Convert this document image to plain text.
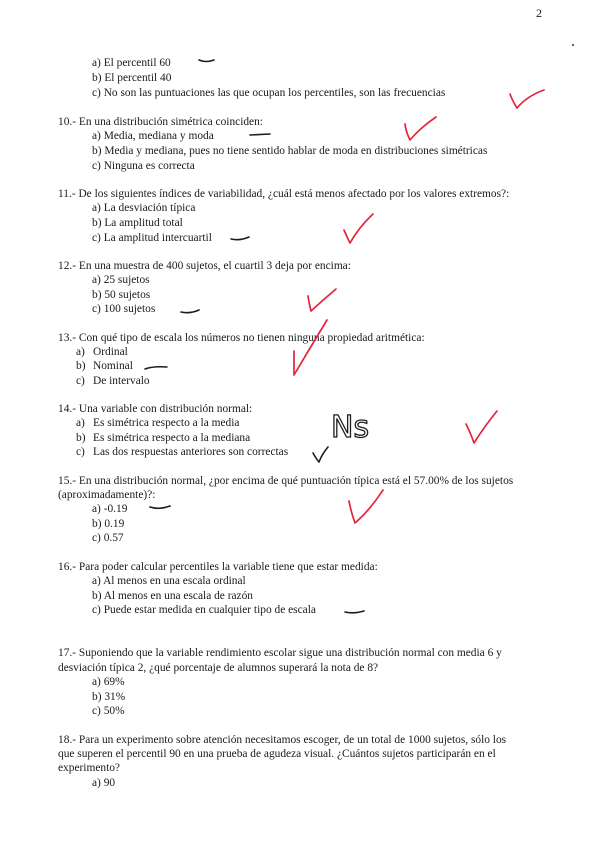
2
a) El percentil 60
b) El percentil 40
c) No son las puntuaciones las que ocupan los percentiles, son las frecuencias
10.- En una distribución simétrica coinciden:
a) Media, mediana y moda
b) Media y mediana, pues no tiene sentido hablar de moda en distribuciones simétricas
c) Ninguna es correcta
11.- De los siguientes índices de variabilidad, ¿cuál está menos afectado por los valores extremos?:
a) La desviación típica
b) La amplitud total
c) La amplitud intercuartil
12.- En una muestra de 400 sujetos, el cuartil 3 deja por encima:
a) 25 sujetos
b) 50 sujetos
c) 100 sujetos
13.- Con qué tipo de escala los números no tienen ninguna propiedad aritmética:
a) Ordinal
b) Nominal
c) De intervalo
14.- Una variable con distribución normal:
a) Es simétrica respecto a la media
b) Es simétrica respecto a la mediana
c) Las dos respuestas anteriores son correctas
15.- En una distribución normal, ¿por encima de qué puntuación típica está el 57.00% de los sujetos
(aproximadamente)?:
a) -0.19
b) 0.19
c) 0.57
16.- Para poder calcular percentiles la variable tiene que estar medida:
a) Al menos en una escala ordinal
b) Al menos en una escala de razón
c) Puede estar medida en cualquier tipo de escala
17.- Suponiendo que la variable rendimiento escolar sigue una distribución normal con media 6 y
desviación típica 2, ¿qué porcentaje de alumnos superará la nota de 8?
a) 69%
b) 31%
c) 50%
18.- Para un experimento sobre atención necesitamos escoger, de un total de 1000 sujetos, sólo los
que superen el percentil 90 en una prueba de agudeza visual. ¿Cuántos sujetos participarán en el
experimento?
a) 90
Ns
